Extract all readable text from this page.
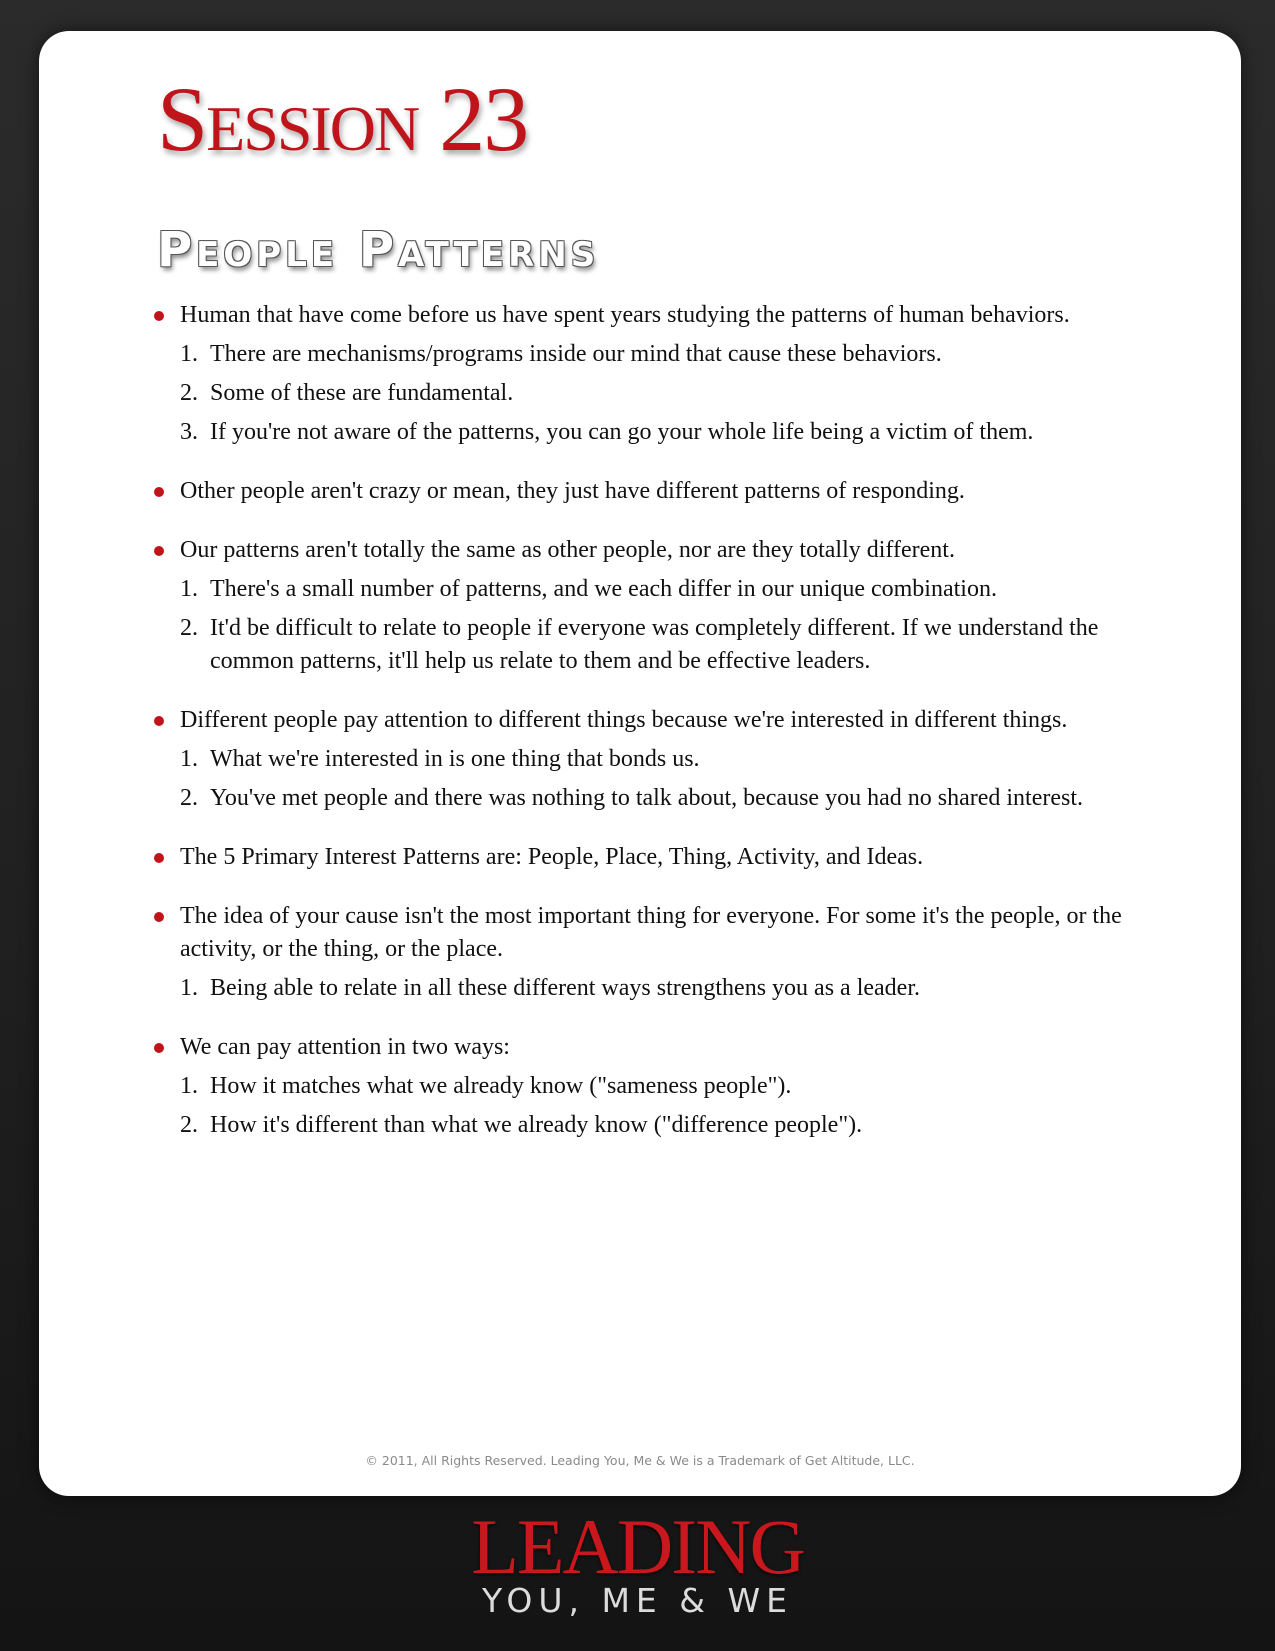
Session 23
People Patterns
Human that have come before us have spent years studying the patterns of human behaviors.
1. There are mechanisms/programs inside our mind that cause these behaviors.
2. Some of these are fundamental.
3. If you're not aware of the patterns, you can go your whole life being a victim of them.
Other people aren't crazy or mean, they just have different patterns of responding.
Our patterns aren't totally the same as other people, nor are they totally different.
1. There's a small number of patterns, and we each differ in our unique combination.
2. It'd be difficult to relate to people if everyone was completely different. If we understand the common patterns, it'll help us relate to them and be effective leaders.
Different people pay attention to different things because we're interested in different things.
1. What we're interested in is one thing that bonds us.
2. You've met people and there was nothing to talk about, because you had no shared interest.
The 5 Primary Interest Patterns are: People, Place, Thing, Activity, and Ideas.
The idea of your cause isn't the most important thing for everyone. For some it's the people, or the activity, or the thing, or the place.
1. Being able to relate in all these different ways strengthens you as a leader.
We can pay attention in two ways:
1. How it matches what we already know ("sameness people").
2. How it's different than what we already know ("difference people").
© 2011, All Rights Reserved. Leading You, Me & We is a Trademark of Get Altitude, LLC.
LEADING
YOU, ME & WE
